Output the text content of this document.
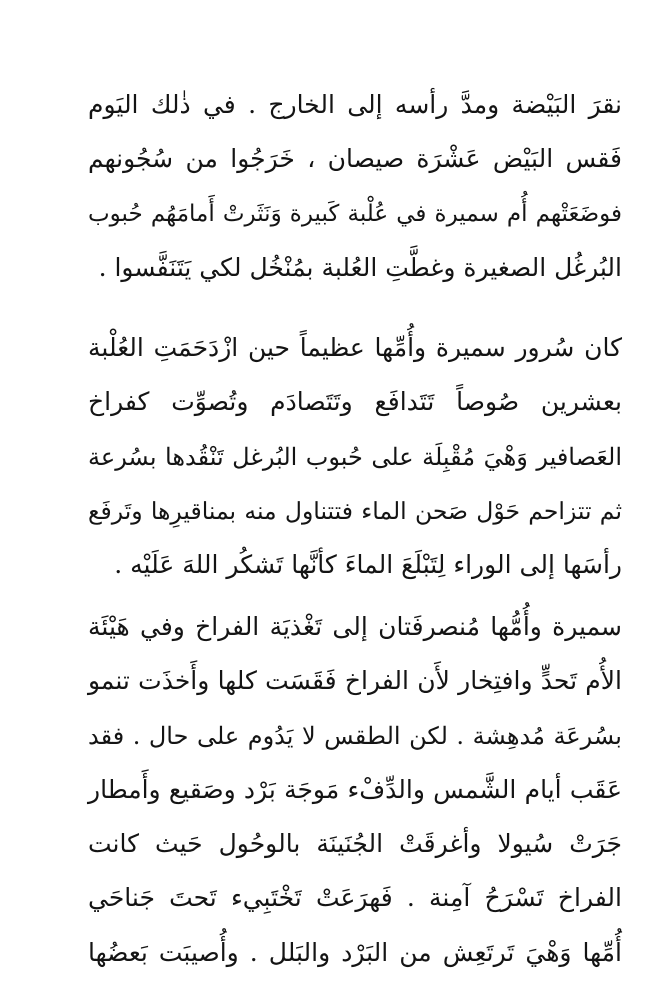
نقرَ البَيْضة ومدَّ رأسه إلى الخارج . في ذٰلك اليَوم
فَقس البَيْض عَشْرَة صيصان ، خَرَجُوا من سُجُونهم
فوضَعَتْهم أُم سميرة في عُلْبة كَبيرة وَنَثَرتْ أَمامَهُم حُبوب
البُرغُل الصغيرة وغطَّتِ العُلبة بمُنْخُل لكي يَتَنَفَّسوا .
كان سُرور سميرة وأُمِّها عظيماً حين ازْدَحَمَتِ العُلْبة
بعشرين صُوصاً تَتَدافَع وتَتَصادَم وتُصوِّت كفراخ
العَصافير وَهْيَ مُقْبِلَة على حُبوب البُرغل تَنْقُدها بسُرعة
ثم تتزاحم حَوْل صَحن الماء فتتناول منه بمناقيرِها وتَرفَع
رأسَها إلى الوراء لِتَبْلَعَ الماءَ كأنَّها تَشكُر اللهَ عَلَيْه .
سميرة وأُمُّها مُنصرفَتان إلى تَغْذيَة الفراخ وفي هَيْئَة
الأُم تَحدٍّ وافتِخار لأَن الفراخ فَقَسَت كلها وأَخذَت تنمو
بسُرعَة مُدهِشة . لكن الطقس لا يَدُوم على حال . فقد
عَقَب أيام الشَّمس والدِّفْء مَوجَة بَرْد وصَقيع وأَمطار
جَرَتْ سُيولا وأغرقَتْ الجُنَينَة بالوحُول حَيث كانت
الفراخ تَسْرَحُ آمِنة . فَهرَعَتْ تَخْتَبِيء تَحتَ جَناحَي
أُمِّها وَهْيَ تَرتَعِش من البَرْد والبَلل . وأُصيبَت بَعضُها
